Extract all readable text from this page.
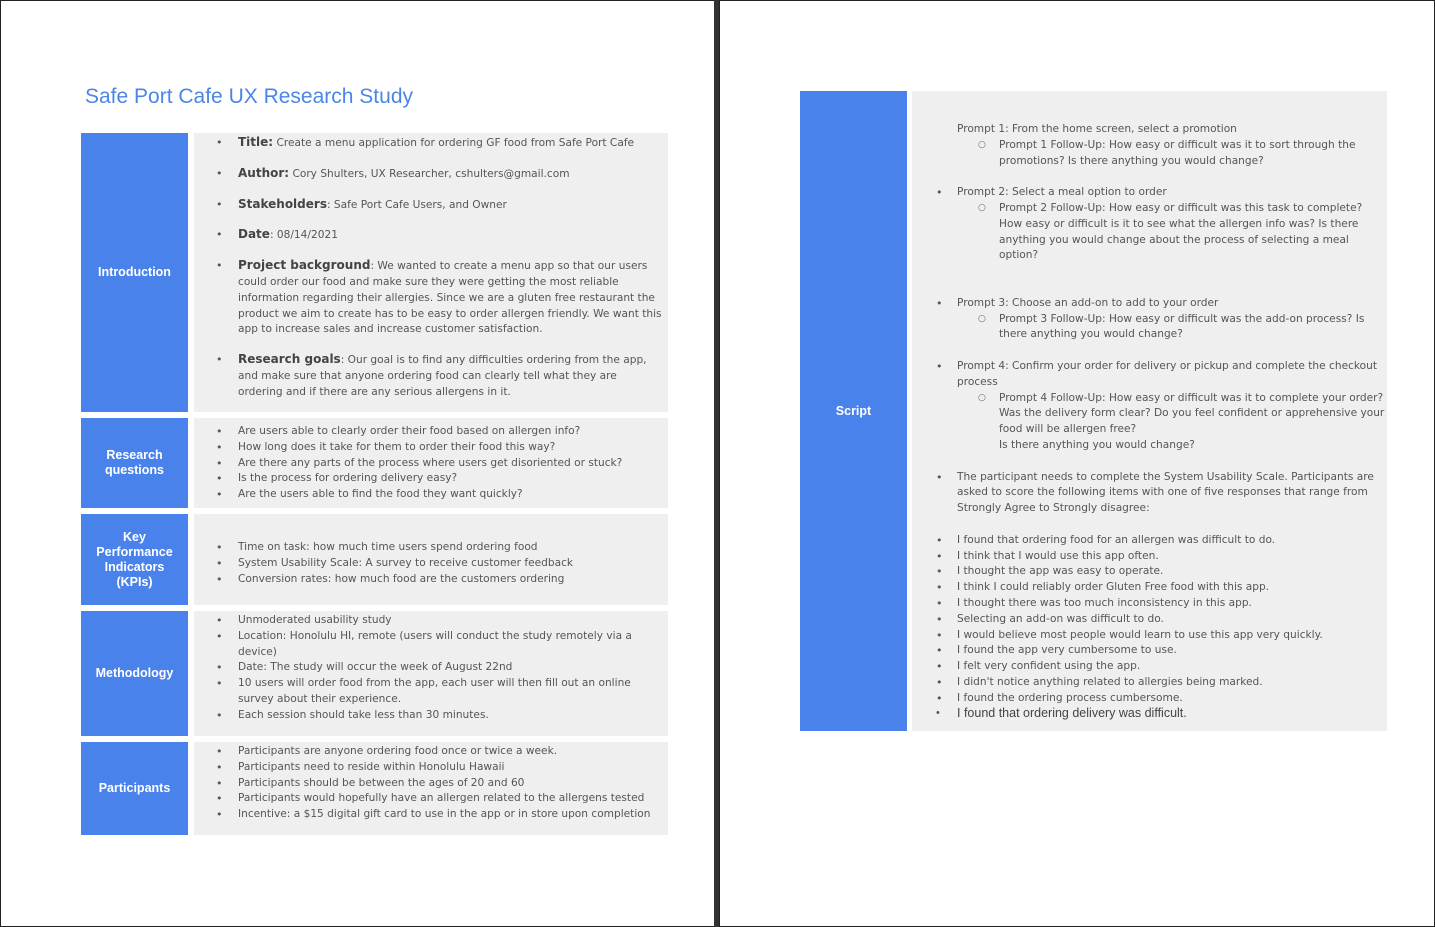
Safe Port Cafe UX Research Study
Introduction
• Title: Create a menu application for ordering GF food from Safe Port Cafe
• Author: Cory Shulters, UX Researcher, cshulters@gmail.com
• Stakeholders: Safe Port Cafe Users, and Owner
• Date: 08/14/2021
• Project background: We wanted to create a menu app so that our users could order our food and make sure they were getting the most reliable information regarding their allergies. Since we are a gluten free restaurant the product we aim to create has to be easy to order allergen friendly. We want this app to increase sales and increase customer satisfaction.
• Research goals: Our goal is to find any difficulties ordering from the app, and make sure that anyone ordering food can clearly tell what they are ordering and if there are any serious allergens in it.
Research questions
• Are users able to clearly order their food based on allergen info?
• How long does it take for them to order their food this way?
• Are there any parts of the process where users get disoriented or stuck?
• Is the process for ordering delivery easy?
• Are the users able to find the food they want quickly?
Key Performance Indicators (KPIs)
• Time on task: how much time users spend ordering food
• System Usability Scale: A survey to receive customer feedback
• Conversion rates: how much food are the customers ordering
Methodology
• Unmoderated usability study
• Location: Honolulu HI, remote (users will conduct the study remotely via a device)
• Date: The study will occur the week of August 22nd
• 10 users will order food from the app, each user will then fill out an online survey about their experience.
• Each session should take less than 30 minutes.
Participants
• Participants are anyone ordering food once or twice a week.
• Participants need to reside within Honolulu Hawaii
• Participants should be between the ages of 20 and 60
• Participants would hopefully have an allergen related to the allergens tested
• Incentive: a $15 digital gift card to use in the app or in store upon completion
Script
Prompt 1: From the home screen, select a promotion
○ Prompt 1 Follow-Up: How easy or difficult was it to sort through the promotions? Is there anything you would change?
• Prompt 2: Select a meal option to order
○ Prompt 2 Follow-Up: How easy or difficult was this task to complete? How easy or difficult is it to see what the allergen info was? Is there anything you would change about the process of selecting a meal option?
• Prompt 3: Choose an add-on to add to your order
○ Prompt 3 Follow-Up: How easy or difficult was the add-on process? Is there anything you would change?
• Prompt 4: Confirm your order for delivery or pickup and complete the checkout process
○ Prompt 4 Follow-Up: How easy or difficult was it to complete your order? Was the delivery form clear? Do you feel confident or apprehensive your food will be allergen free?
Is there anything you would change?
• The participant needs to complete the System Usability Scale. Participants are asked to score the following items with one of five responses that range from Strongly Agree to Strongly disagree:
• I found that ordering food for an allergen was difficult to do.
• I think that I would use this app often.
• I thought the app was easy to operate.
• I think I could reliably order Gluten Free food with this app.
• I thought there was too much inconsistency in this app.
• Selecting an add-on was difficult to do.
• I would believe most people would learn to use this app very quickly.
• I found the app very cumbersome to use.
• I felt very confident using the app.
• I didn't notice anything related to allergies being marked.
• I found the ordering process cumbersome.
• I found that ordering delivery was difficult.
